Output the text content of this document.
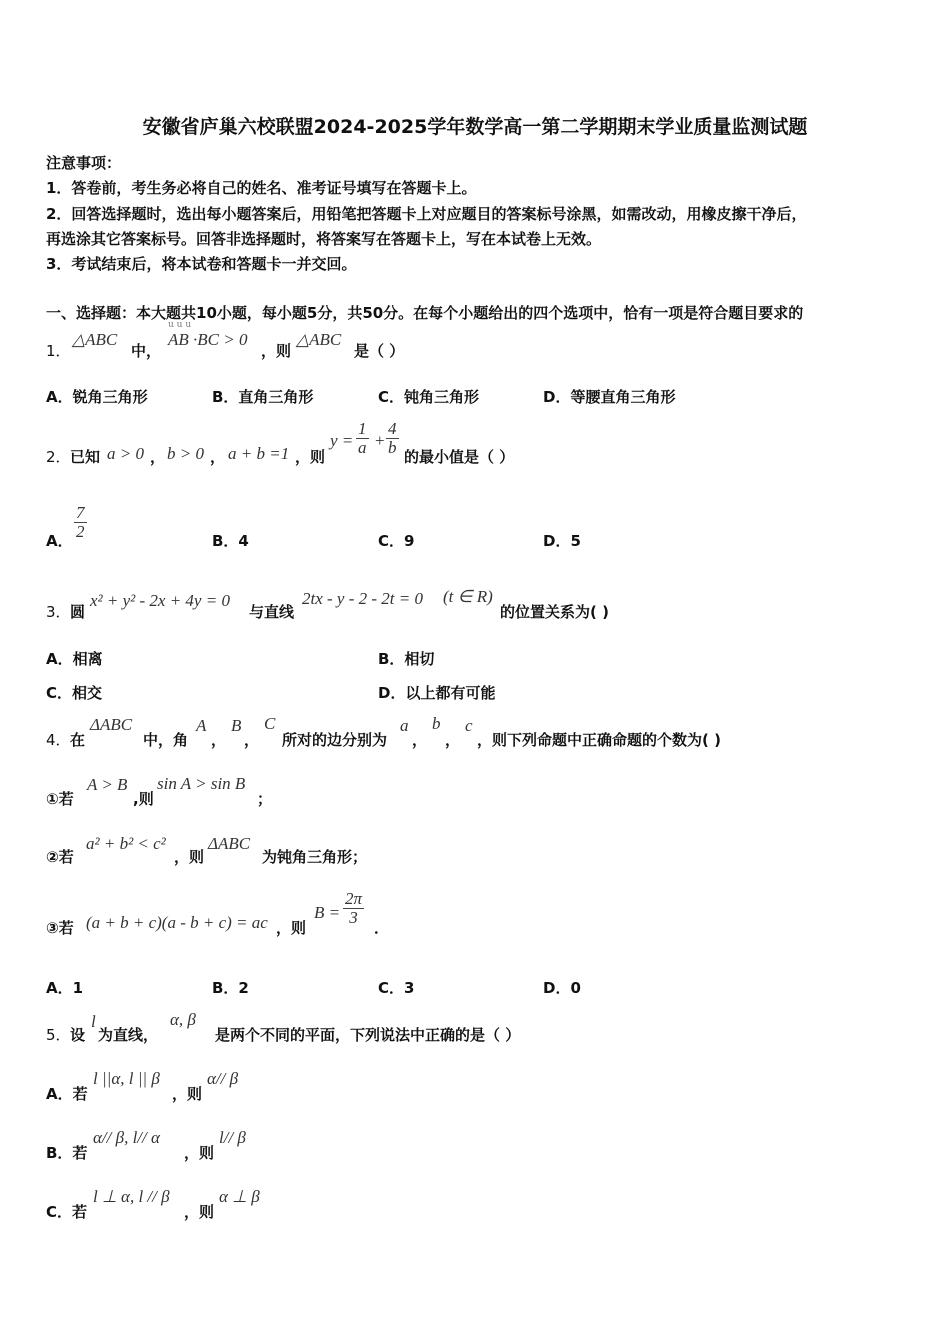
安徽省庐巢六校联盟2024-2025学年数学高一第二学期期末学业质量监测试题
注意事项：
1．答卷前，考生务必将自己的姓名、准考证号填写在答题卡上。
2．回答选择题时，选出每小题答案后，用铅笔把答题卡上对应题目的答案标号涂黑，如需改动，用橡皮擦干净后，
再选涂其它答案标号。回答非选择题时，将答案写在答题卡上，写在本试卷上无效。
3．考试结束后，将本试卷和答题卡一并交回。
一、选择题：本大题共10小题，每小题5分，共50分。在每个小题给出的四个选项中，恰有一项是符合题目要求的
1．
△ABC
中，
u u u
AB ·BC > 0
，则
△ABC
是（ ）
A．锐角三角形	B．直角三角形	C．钝角三角形	D．等腰直角三角形
2． 已知 a > 0 ， b > 0 ， a + b =1 ，则
$y = \frac{1}{a} + \frac{4}{b}$ 的最小值是（ ）
A． $\frac{7}{2}$	B．4	C．9	D．5
3． 圆
x² + y² - 2x + 4y = 0
与直线
2tx - y - 2 - 2t = 0 (t ∈ R)
的位置关系为( )
A．相离	B．相切
C．相交	D．以上都有可能
4． 在
ΔABC
中，角
A
，
B
，
C
所对的边分别为
a
，
b
，
c
，则下列命题中正确命题的个数为( )
①若
A > B
,则
sin A > sin B
；
②若
a² + b² < c²
，则
ΔABC
为钝角三角形；
③若 (a + b + c)(a - b + c) = ac ，则
$B = \frac{2\pi}{3}$
．
A．1	B．2	C．3	D．0
5． 设
l
为直线，
α, β
是两个不同的平面，下列说法中正确的是（ ）
A．若
l ||α, l || β
，则
α// β
B．若
α// β, l// α
，则
l// β
C．若
l ⊥ α, l // β
，则
α ⊥ β
